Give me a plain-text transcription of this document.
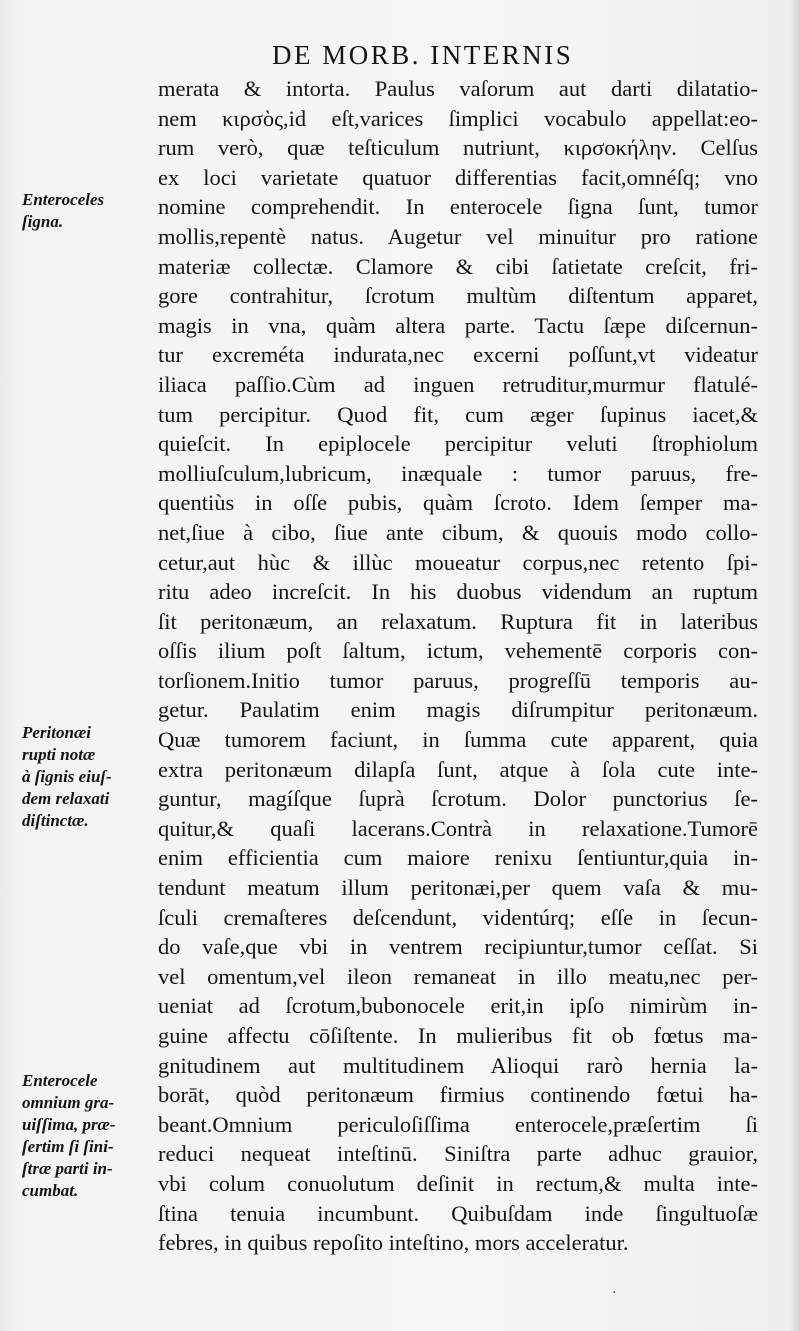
DE MORB. INTERNIS
Enteroceles
ſigna.
Peritonæi
rupti notæ
à ſignis eiuſ-
dem relaxati
diſtinctæ.
Enterocele
omnium gra-
uiſſima, præ-
ſertim ſi ſini-
ſtræ parti in-
cumbat.
merata & intorta. Paulus vaſorum aut darti dilatatio-
nem κιρσὸς,id eſt,varices ſimplici vocabulo appellat:eo-
rum verò, quæ teſticulum nutriunt, κιρσοκήλην. Celſus
ex loci varietate quatuor differentias facit,omnéſq; vno
nomine comprehendit. In enterocele ſigna ſunt, tumor
mollis,repentè natus. Augetur vel minuitur pro ratione
materiæ collectæ. Clamore & cibi ſatietate creſcit, fri-
gore contrahitur, ſcrotum multùm diſtentum apparet,
magis in vna, quàm altera parte. Tactu ſæpe diſcernun-
tur excreméta indurata,nec excerni poſſunt,vt videatur
iliaca paſſio.Cùm ad inguen retruditur,murmur flatulé-
tum percipitur. Quod fit, cum æger ſupinus iacet,&
quieſcit. In epiplocele percipitur veluti ſtrophiolum
molliuſculum,lubricum, inæquale : tumor paruus, fre-
quentiùs in oſſe pubis, quàm ſcroto. Idem ſemper ma-
net,ſiue à cibo, ſiue ante cibum, & quouis modo collo-
cetur,aut hùc & illùc moueatur corpus,nec retento ſpi-
ritu adeo increſcit. In his duobus videndum an ruptum
ſit peritonæum, an relaxatum. Ruptura fit in lateribus
oſſis ilium poſt ſaltum, ictum, vehementē corporis con-
torſionem.Initio tumor paruus, progreſſū temporis au-
getur. Paulatim enim magis diſrumpitur peritonæum.
Quæ tumorem faciunt, in ſumma cute apparent, quia
extra peritonæum dilapſa ſunt, atque à ſola cute inte-
guntur, magíſque ſuprà ſcrotum. Dolor punctorius ſe-
quitur,& quaſi lacerans.Contrà in relaxatione.Tumorē
enim efficientia cum maiore renixu ſentiuntur,quia in-
tendunt meatum illum peritonæi,per quem vaſa & mu-
ſculi cremaſteres deſcendunt, videntúrq; eſſe in ſecun-
do vaſe,que vbi in ventrem recipiuntur,tumor ceſſat. Si
vel omentum,vel ileon remaneat in illo meatu,nec per-
ueniat ad ſcrotum,bubonocele erit,in ipſo nimirùm in-
guine affectu cōſiſtente. In mulieribus fit ob fœtus ma-
gnitudinem aut multitudinem Alioqui rarò hernia la-
borāt, quòd peritonæum firmius continendo fœtui ha-
beant.Omnium periculoſiſſima enterocele,præſertim ſi
reduci nequeat inteſtinū. Siniſtra parte adhuc grauior,
vbi colum conuolutum deſinit in rectum,& multa inte-
ſtina tenuia incumbunt. Quibuſdam inde ſingultuoſæ
febres, in quibus repoſito inteſtino, mors acceleratur.
·
